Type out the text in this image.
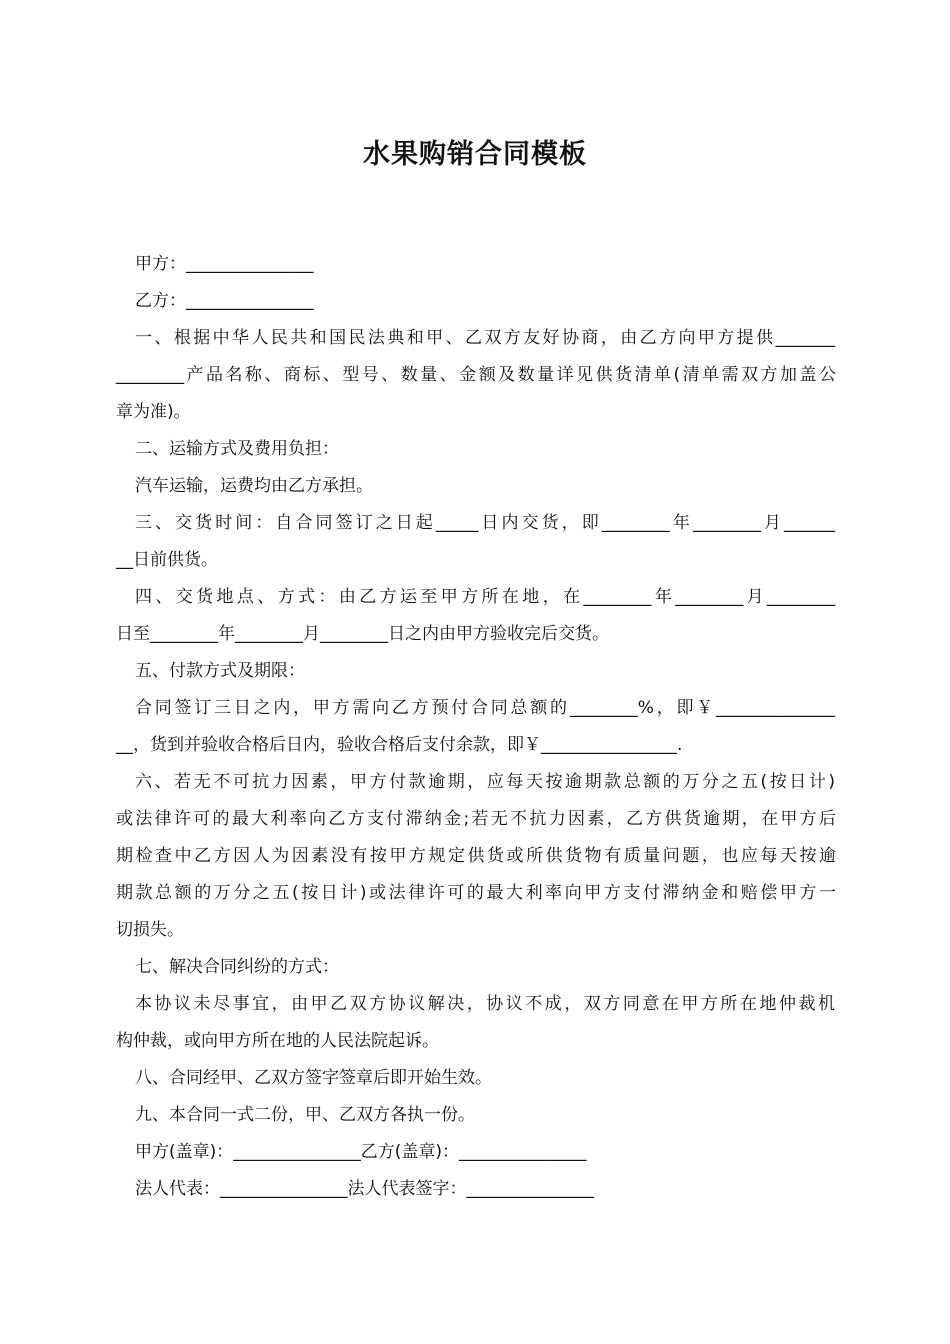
水果购销合同模板
甲方：_______________
乙方：_______________
一、根据中华人民共和国民法典和甲、乙双方友好协商，由乙方向甲方提供_______
________产品名称、商标、型号、数量、金额及数量详见供货清单(清单需双方加盖公
章为准)。
二、运输方式及费用负担：
汽车运输，运费均由乙方承担。
三、交货时间：自合同签订之日起_____日内交货，即________年________月______
__日前供货。
四、交货地点、方式：由乙方运至甲方所在地，在________年________月________
日至________年________月________日之内由甲方验收完后交货。
五、付款方式及期限：
合同签订三日之内，甲方需向乙方预付合同总额的________%，即￥______________
__，货到并验收合格后日内，验收合格后支付余款，即￥________________.
六、若无不可抗力因素，甲方付款逾期，应每天按逾期款总额的万分之五(按日计)
或法律许可的最大利率向乙方支付滞纳金;若无不抗力因素，乙方供货逾期，在甲方后
期检查中乙方因人为因素没有按甲方规定供货或所供货物有质量问题，也应每天按逾
期款总额的万分之五(按日计)或法律许可的最大利率向甲方支付滞纳金和赔偿甲方一
切损失。
七、解决合同纠纷的方式：
本协议未尽事宜，由甲乙双方协议解决，协议不成，双方同意在甲方所在地仲裁机
构仲裁，或向甲方所在地的人民法院起诉。
八、合同经甲、乙双方签字签章后即开始生效。
九、本合同一式二份，甲、乙双方各执一份。
甲方(盖章)：_______________乙方(盖章)：_______________
法人代表：_______________法人代表签字：_______________
